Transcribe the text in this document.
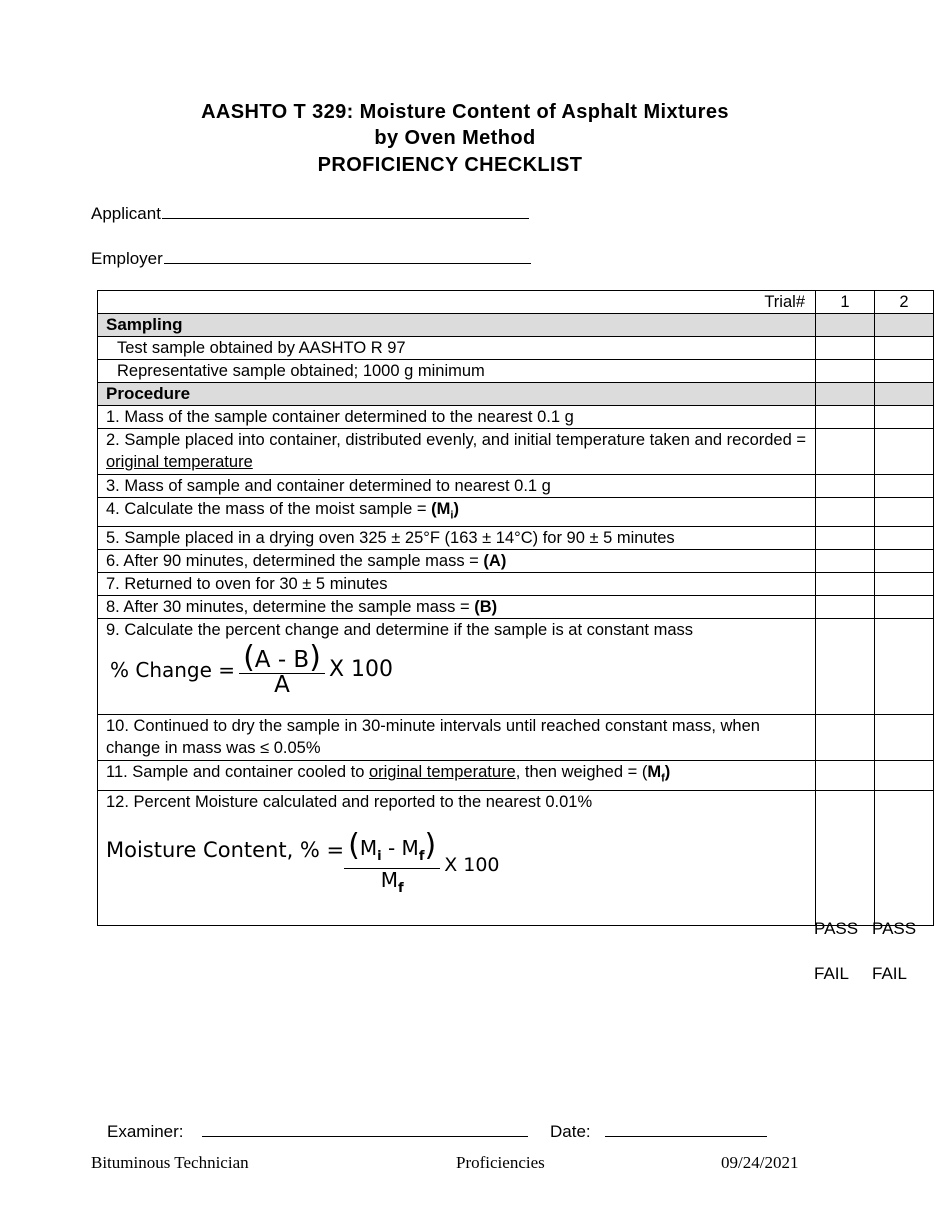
AASHTO T 329: Moisture Content of Asphalt Mixtures
by Oven Method
PROFICIENCY CHECKLIST
Applicant
Employer
Trial#	1	2
Sampling		
Test sample obtained by AASHTO R 97		
Representative sample obtained; 1000 g minimum		
Procedure		
1. Mass of the sample container determined to the nearest 0.1 g		
2. Sample placed into container, distributed evenly, and initial temperature taken and recorded = original temperature		
3. Mass of sample and container determined to nearest 0.1 g		
4. Calculate the mass of the moist sample = $(M_i)$		
5. Sample placed in a drying oven 325 ± 25°F (163 ± 14°C) for 90 ± 5 minutes		
6. After 90 minutes, determined the sample mass = (A)		
7. Returned to oven for 30 ± 5 minutes		
8. After 30 minutes, determine the sample mass = (B)		

9. Calculate the percent change and determine if the sample is at constant mass
% Change = $\frac{(A - B)}{A}$ X 100		

10. Continued to dry the sample in 30-minute intervals until reached constant mass, when change in mass was ≤ 0.05%		
11. Sample and container cooled to original temperature, then weighed = $(M_f)$		

12. Percent Moisture calculated and reported to the nearest 0.01%
Moisture Content, % = $\frac{(M_i - M_f)}{M_f}$ X 100		

PASS PASS
FAIL FAIL
Examiner:	Date:
Bituminous Technician	Proficiencies	09/24/2021
